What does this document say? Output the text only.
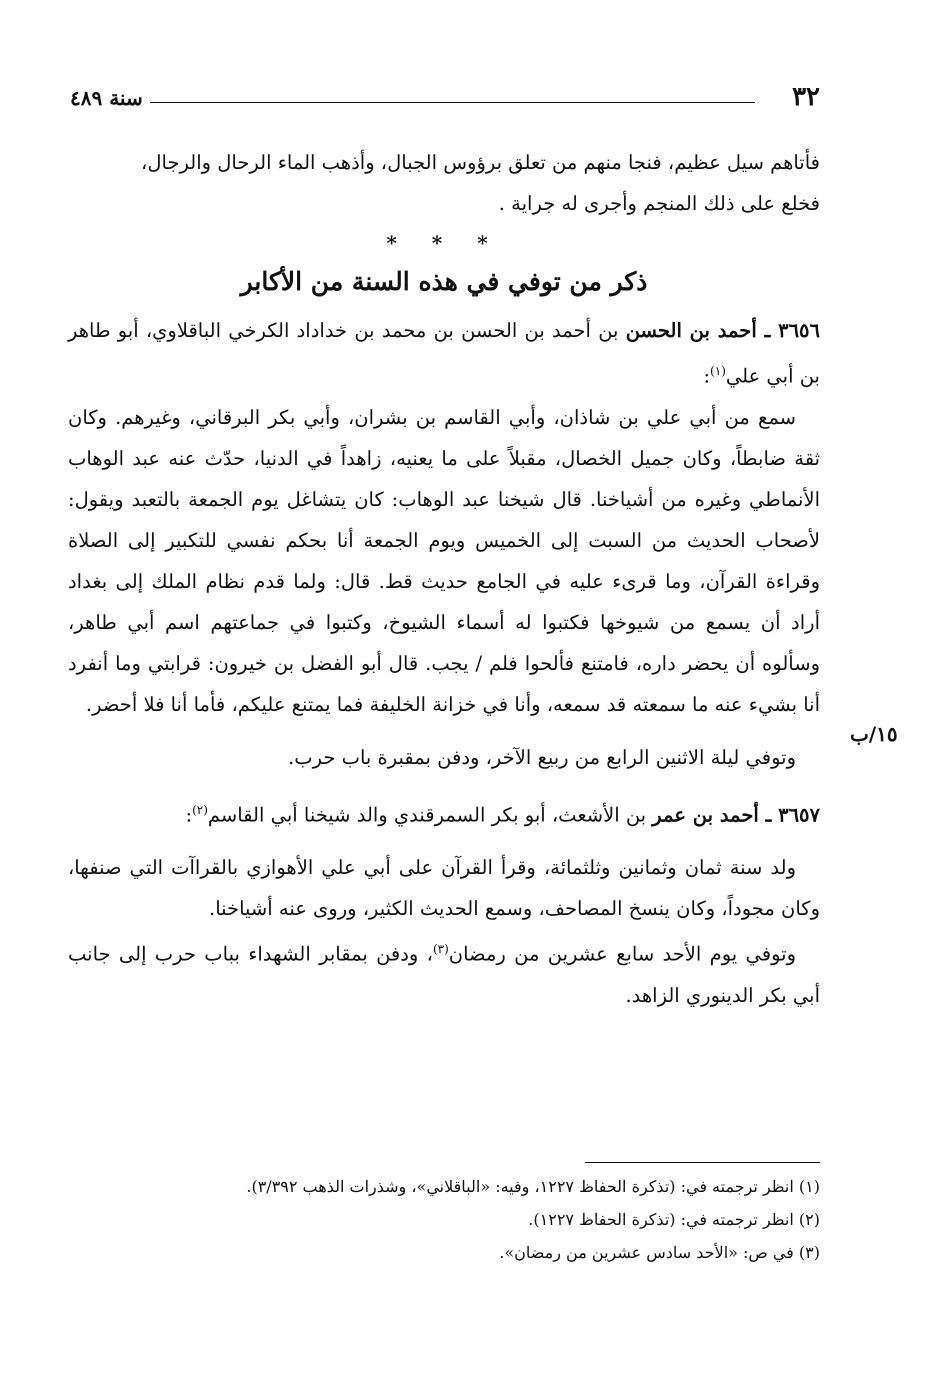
٣٢
سنة ٤٨٩

فأتاهم سيل عظيم، فنجا منهم من تعلق برؤوس الجبال، وأذهب الماء الرحال والرجال،

فخلع على ذلك المنجم وأجرى له جراية .

* * *
ذكر من توفي في هذه السنة من الأكابر

٣٦٥٦ ـ أحمد بن الحسن بن أحمد بن الحسن بن محمد بن خداداد الكرخي الباقلاوي، أبو طاهر بن أبي علي$^{(١)}$:

سمع من أبي علي بن شاذان، وأبي القاسم بن بشران، وأبي بكر البرقاني، وغيرهم. وكان ثقة ضابطاً، وكان جميل الخصال، مقبلاً على ما يعنيه، زاهداً في الدنيا، حدّث عنه عبد الوهاب الأنماطي وغيره من أشياخنا. قال شيخنا عبد الوهاب: كان يتشاغل يوم الجمعة بالتعبد ويقول: لأصحاب الحديث من السبت إلى الخميس ويوم الجمعة أنا بحكم نفسي للتكبير إلى الصلاة وقراءة القرآن، وما قرىء عليه في الجامع حديث قط. قال: ولما قدم نظام الملك إلى بغداد أراد أن يسمع من شيوخها فكتبوا له أسماء الشيوخ، وكتبوا في جماعتهم اسم أبي طاهر، وسألوه أن يحضر داره، فامتنع فألحوا فلم / يجب. قال أبو الفضل بن خيرون: قرابتي وما أنفرد أنا بشيء عنه ما سمعته قد سمعه، وأنا في خزانة الخليفة فما يمتنع عليكم، فأما أنا فلا أحضر.

وتوفي ليلة الاثنين الرابع من ربيع الآخر، ودفن بمقبرة باب حرب.

٣٦٥٧ ـ أحمد بن عمر بن الأشعث، أبو بكر السمرقندي والد شيخنا أبي القاسم$^{(٢)}$:

ولد سنة ثمان وثمانين وثلثمائة، وقرأ القرآن على أبي علي الأهوازي بالقراآت التي صنفها، وكان مجوداً، وكان ينسخ المصاحف، وسمع الحديث الكثير، وروى عنه أشياخنا.

وتوفي يوم الأحد سابع عشرين من رمضان$^{(٣)}$، ودفن بمقابر الشهداء بباب حرب إلى جانب أبي بكر الدينوري الزاهد.

١٥/ب

(١) انظر ترجمته في: (تذكرة الحفاظ ١٢٢٧، وفيه: «الباقلاني»، وشذرات الذهب ٣/٣٩٢).

(٢) انظر ترجمته في: (تذكرة الحفاظ ١٢٢٧).

(٣) في ص: «الأحد سادس عشرين من رمضان».
